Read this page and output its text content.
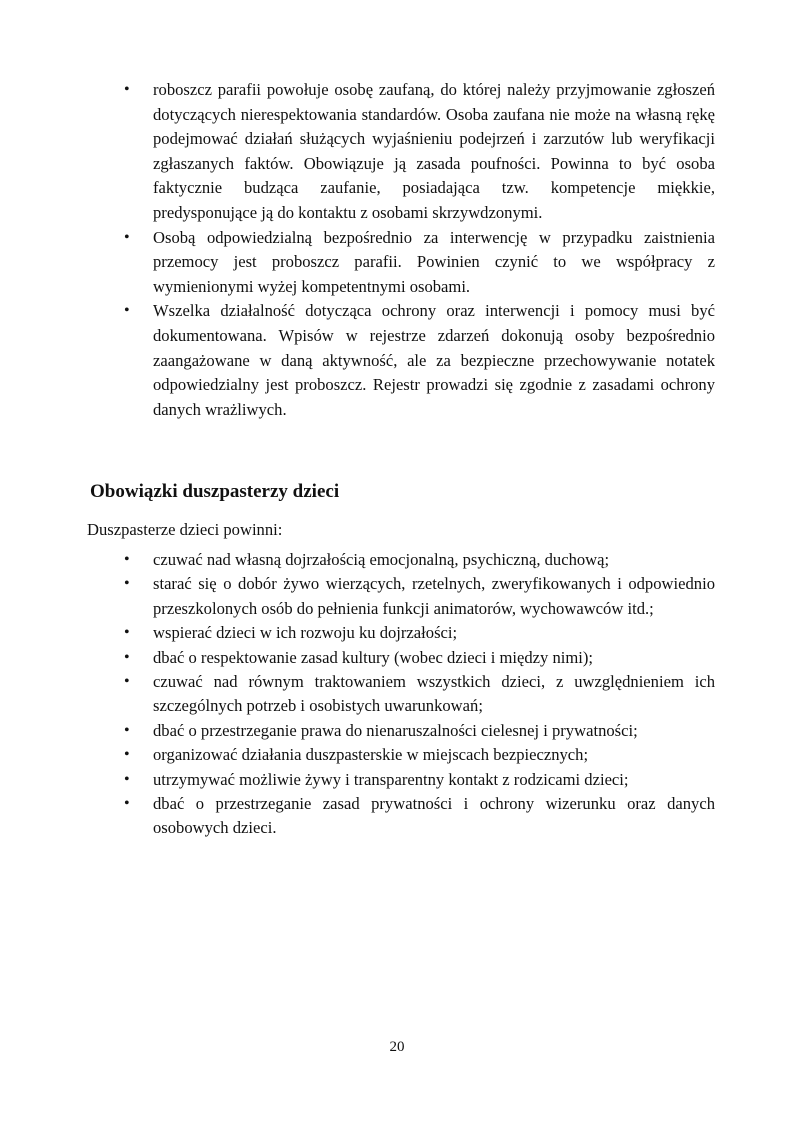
• roboszcz parafii powołuje osobę zaufaną, do której należy przyjmowanie zgłoszeń dotyczących nierespektowania standardów. Osoba zaufana nie może na własną rękę podejmować działań służących wyjaśnieniu podejrzeń i zarzutów lub weryfikacji zgłaszanych faktów. Obowiązuje ją zasada poufności. Powinna to być osoba faktycznie budząca zaufanie, posiadająca tzw. kompetencje miękkie, predysponujące ją do kontaktu z osobami skrzywdzonymi.
• Osobą odpowiedzialną bezpośrednio za interwencję w przypadku zaistnienia przemocy jest proboszcz parafii. Powinien czynić to we współpracy z wymienionymi wyżej kompetentnymi osobami.
• Wszelka działalność dotycząca ochrony oraz interwencji i pomocy musi być dokumentowana. Wpisów w rejestrze zdarzeń dokonują osoby bezpośrednio zaangażowane w daną aktywność, ale za bezpieczne przechowywanie notatek odpowiedzialny jest proboszcz. Rejestr prowadzi się zgodnie z zasadami ochrony danych wrażliwych.
Obowiązki duszpasterzy dzieci

Duszpasterze dzieci powinni:

• czuwać nad własną dojrzałością emocjonalną, psychiczną, duchową;
• starać się o dobór żywo wierzących, rzetelnych, zweryfikowanych i odpowiednio przeszkolonych osób do pełnienia funkcji animatorów, wychowawców itd.;
• wspierać dzieci w ich rozwoju ku dojrzałości;
• dbać o respektowanie zasad kultury (wobec dzieci i między nimi);
• czuwać nad równym traktowaniem wszystkich dzieci, z uwzględnieniem ich szczególnych potrzeb i osobistych uwarunkowań;
• dbać o przestrzeganie prawa do nienaruszalności cielesnej i prywatności;
• organizować działania duszpasterskie w miejscach bezpiecznych;
• utrzymywać możliwie żywy i transparentny kontakt z rodzicami dzieci;
• dbać o przestrzeganie zasad prywatności i ochrony wizerunku oraz danych osobowych dzieci.
20
